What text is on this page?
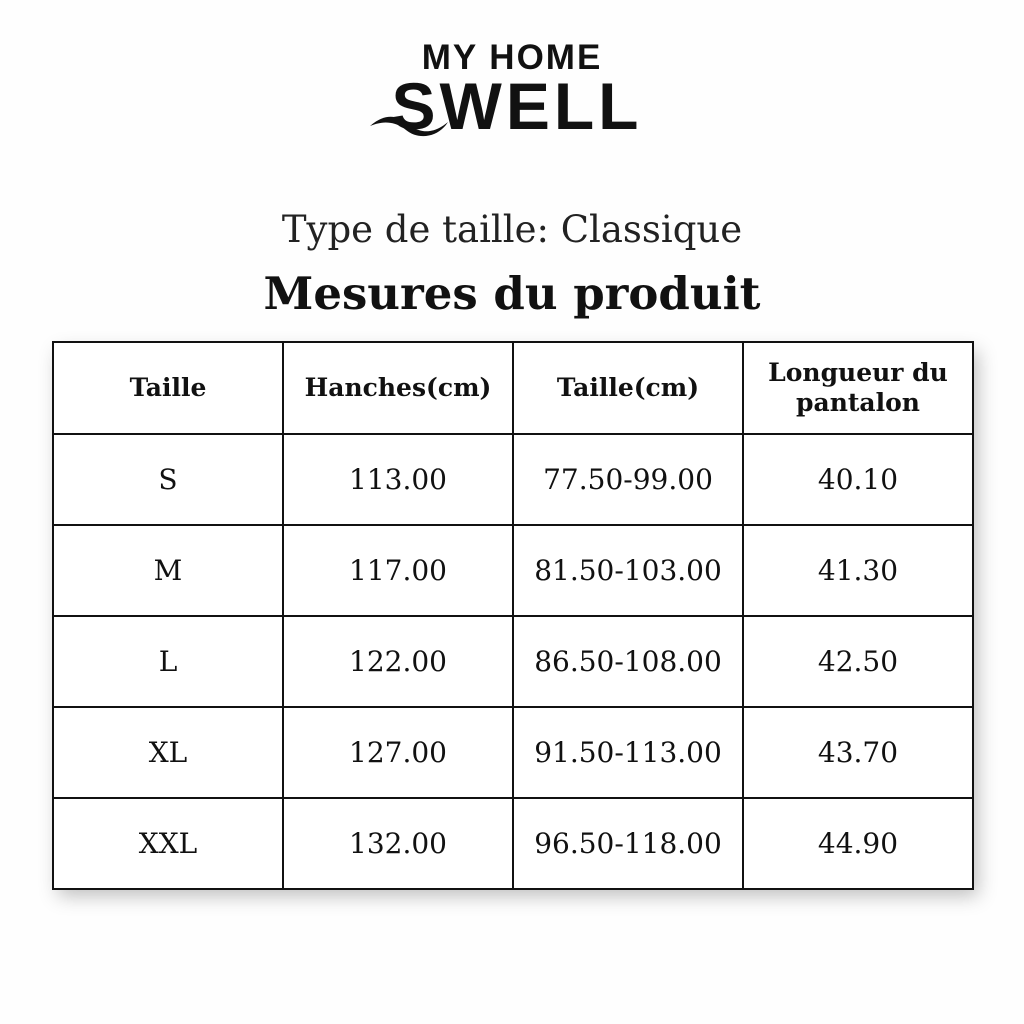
MY HOME
SWELL
Type de taille: Classique
Mesures du produit
Taille	Hanches(cm)	Taille(cm)	Longueur du pantalon
S	113.00	77.50-99.00	40.10
M	117.00	81.50-103.00	41.30
L	122.00	86.50-108.00	42.50
XL	127.00	91.50-113.00	43.70
XXL	132.00	96.50-118.00	44.90
